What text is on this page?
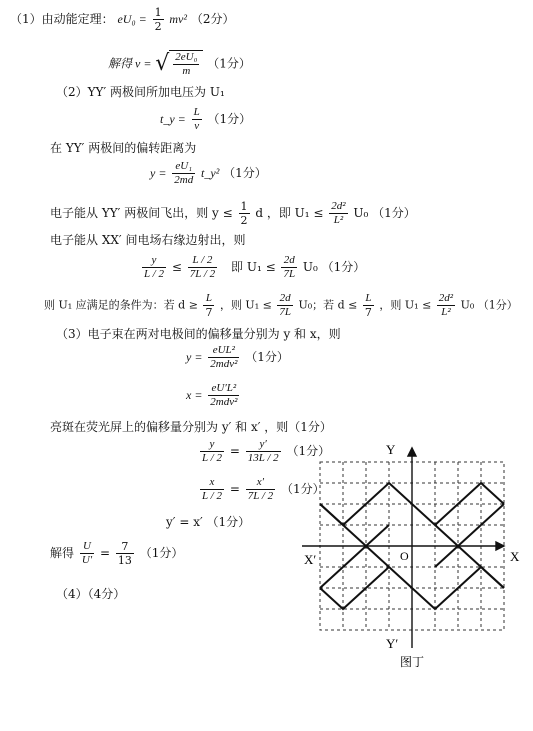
（1）由动能定理： $eU_0 = \frac{1}{2} mv^2$ （2分）
解得 v = √ $\frac{\text{2eU₀}}{m} (1$分）
（2）YY′ 两极间所加电压为 U₁
t_y = $\frac{L}{v} (1$分）
在 YY′ 两极间的偏转距离为
$y = \frac{\text{eU₁}}{2md}$ t_y² （1分）
电子能从 YY′ 两极间飞出，则 $y \le \frac{1}{2}$ d ，即 $U_1 \le \frac{\text{2d²}}{\text{L²}} U_0$ （1分）
电子能从 XX′ 间电场右缘边射出，则
$\frac{y}{L / 2} \le \frac{L / 2}{7L / 2}$ 即 $U_1 \le \frac{2d}{7L} U_0$ （1分）
则 U₁ 应满足的条件为：若 $d \ge \frac{L}{7}$ ，则 $U_1 \le \frac{2d}{7L} U_0$；若 $d \le \frac{L}{7}$ ，则 $U_1 \le \frac{\text{2d²}}{\text{L²}} U_0$ （1分）
（3）电子束在两对电极间的偏移量分别为 y 和 x，则
$y = \frac{\text{eUL²}}{\text{2mdv²}} (1$分）
$x = \frac{\text{eU′L²}}{\text{2mdv²}}$
亮斑在荧光屏上的偏移量分别为 y′ 和 x′ ，则（1分）
$\frac{y}{L / 2} = \frac{y'}{13L / 2} (1$分）
$\frac{x}{L / 2} = \frac{x'}{7L / 2} (1$分）
y′ = x′ （1分）
解得 $\frac{U}{U'} = \frac{7}{13} (1$分）
（4）（4分）
Y
Y′
X
X′	O
图丁
